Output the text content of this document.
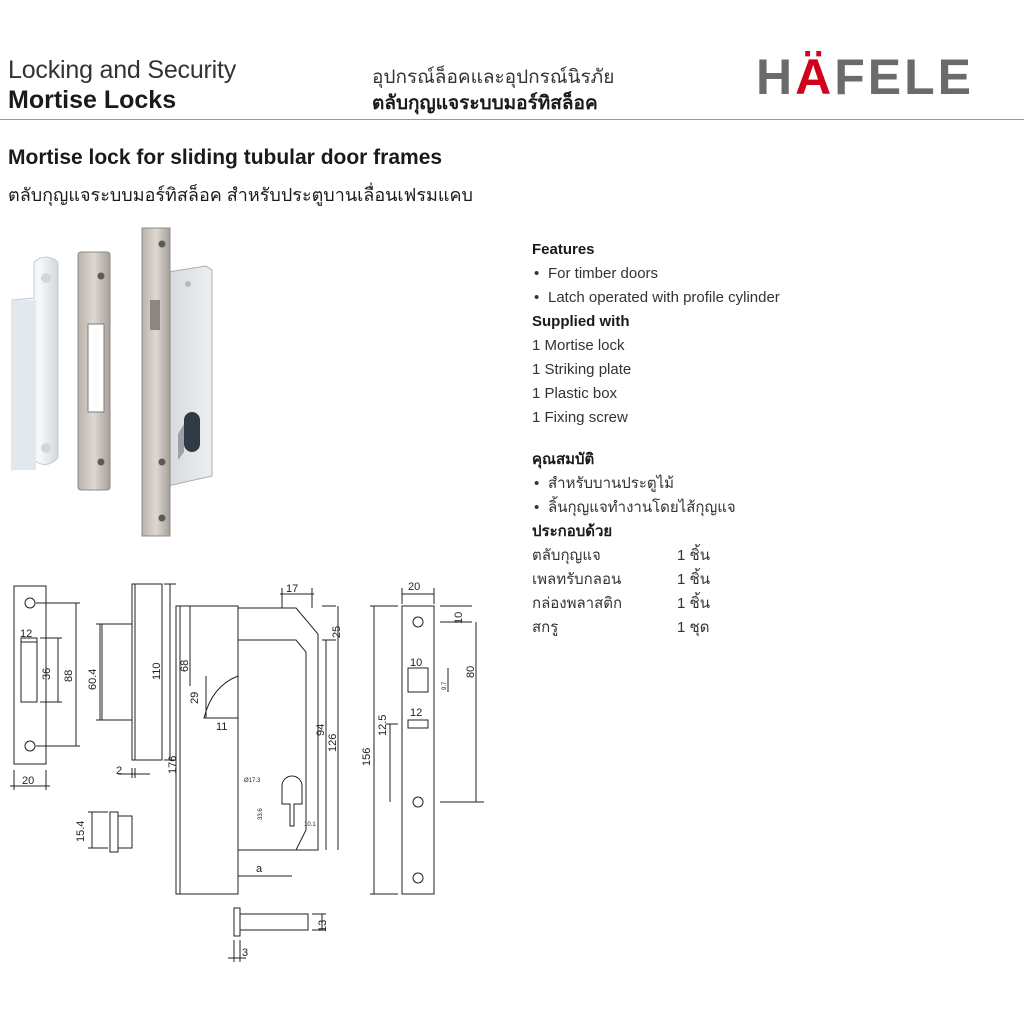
Locking and Security
Mortise Locks
อุปกรณ์ล็อคและอุปกรณ์นิรภัย
ตลับกุญแจระบบมอร์ทิสล็อค	HÄFELE
Mortise lock for sliding tubular door frames
ตลับกุญแจระบบมอร์ทิสล็อค สำหรับประตูบานเลื่อนเฟรมแคบ
Features
• For timber doors
• Latch operated with profile cylinder
Supplied with
1 Mortise lock
1 Striking plate
1 Plastic box
1 Fixing screw
คุณสมบัติ
• สำหรับบานประตูไม้
• ลิ้นกุญแจทำงานโดยไส้กุญแจ
ประกอบด้วย
ตลับกุญแจ	1 ชิ้น
เพลทรับกลอน	1 ชิ้น
กล่องพลาสติก	1 ชิ้น
สกรู	1 ชุด
12
36 88
20
60.4	110
2
15.4
17
25
68
29
11	94
126
176
Ø17.3
33.6
10.1
a
13
3
20
10
10
9.7
12
12.5
80
156
